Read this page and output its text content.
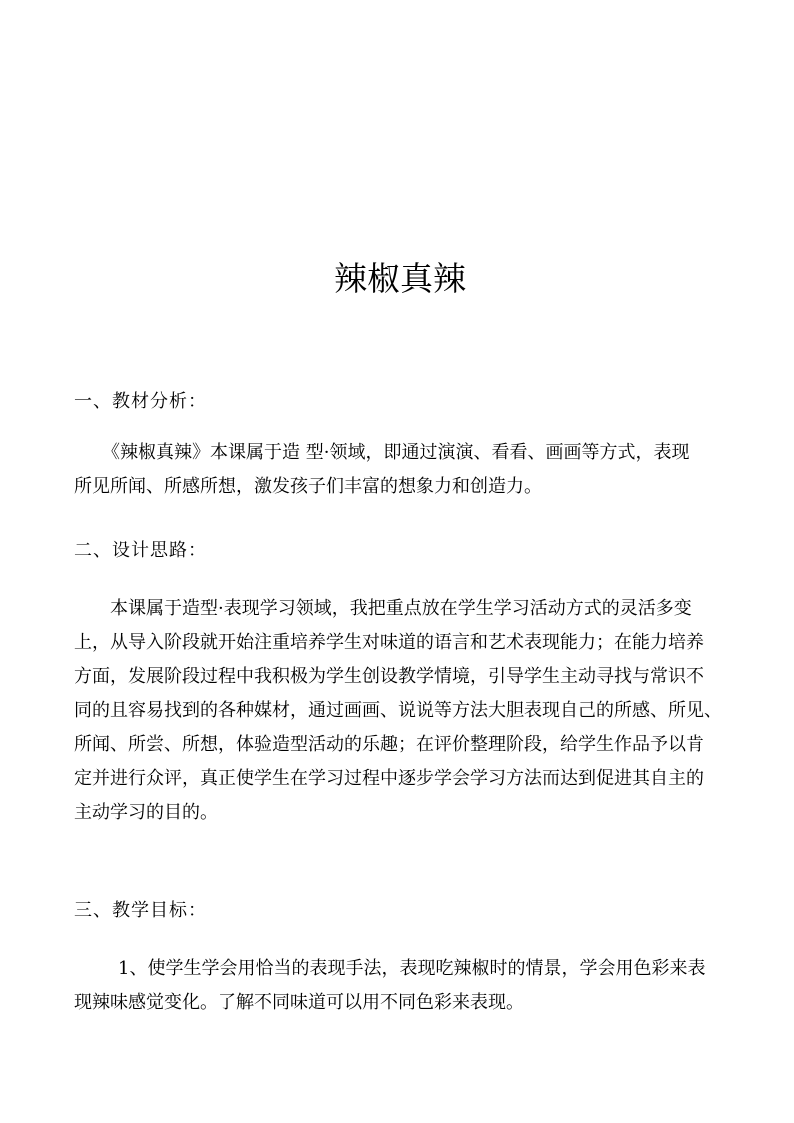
辣椒真辣
一、教材分析：
《辣椒真辣》本课属于造 型·领域，即通过演演、看看、画画等方式，表现
所见所闻、所感所想，激发孩子们丰富的想象力和创造力。
二、设计思路：
本课属于造型·表现学习领域，我把重点放在学生学习活动方式的灵活多变
上，从导入阶段就开始注重培养学生对味道的语言和艺术表现能力；在能力培养
方面，发展阶段过程中我积极为学生创设教学情境，引导学生主动寻找与常识不
同的且容易找到的各种媒材，通过画画、说说等方法大胆表现自己的所感、所见、
所闻、所尝、所想，体验造型活动的乐趣；在评价整理阶段，给学生作品予以肯
定并进行众评，真正使学生在学习过程中逐步学会学习方法而达到促进其自主的
主动学习的目的。
三、教学目标：
1、使学生学会用恰当的表现手法，表现吃辣椒时的情景，学会用色彩来表
现辣味感觉变化。了解不同味道可以用不同色彩来表现。
